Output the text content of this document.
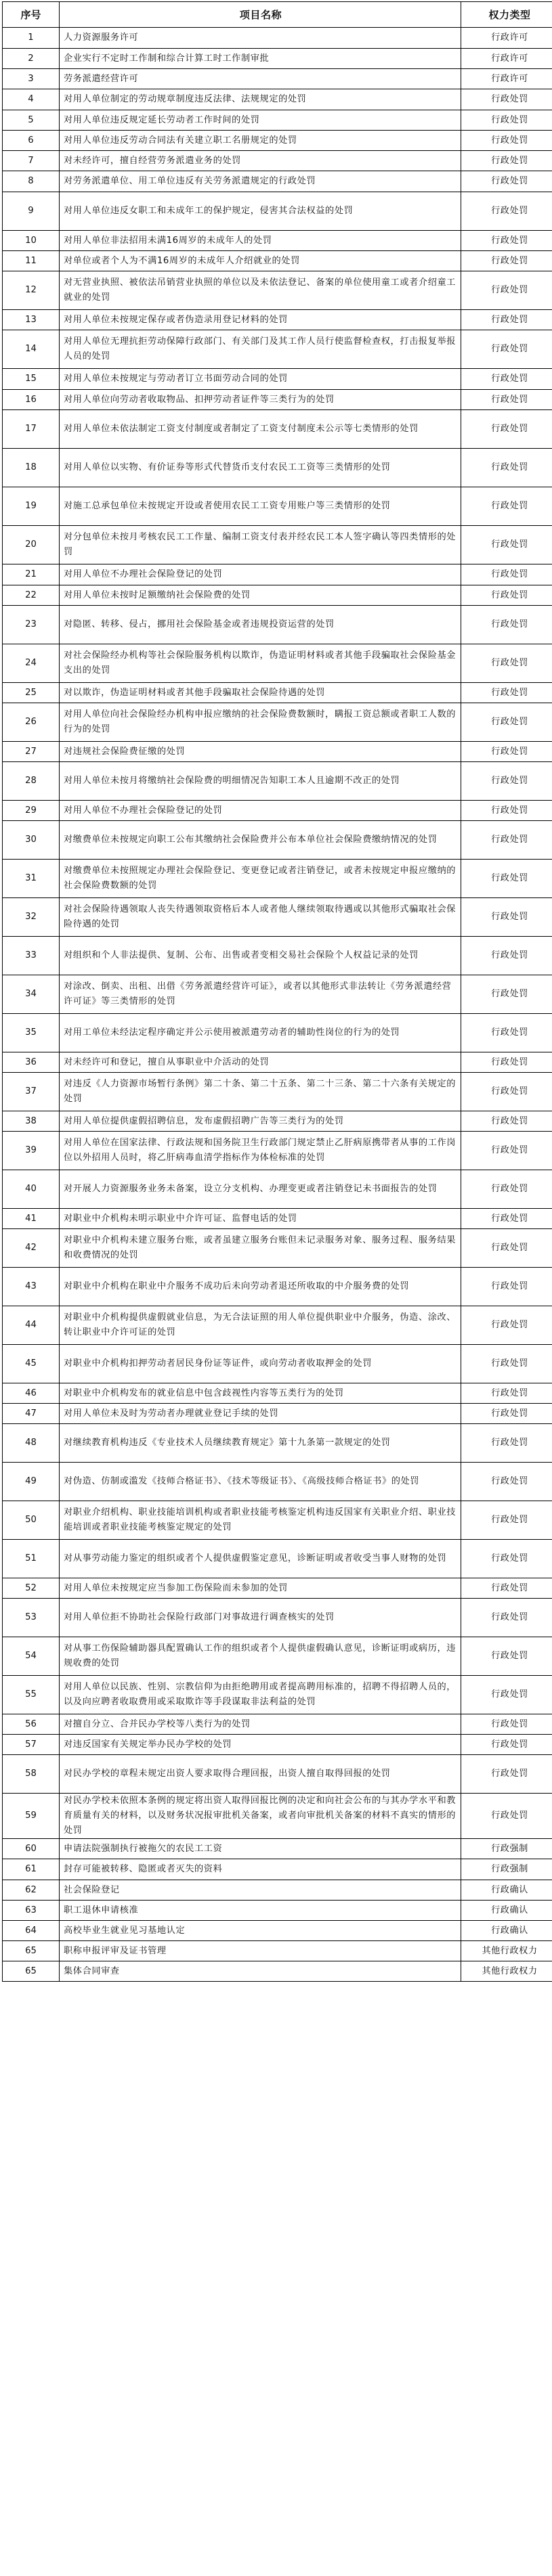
序号	项目名称	权力类型
1	人力资源服务许可	行政许可
2	企业实行不定时工作制和综合计算工时工作制审批	行政许可
3	劳务派遣经营许可	行政许可
4	对用人单位制定的劳动规章制度违反法律、法规规定的处罚	行政处罚
5	对用人单位违反规定延长劳动者工作时间的处罚	行政处罚
6	对用人单位违反劳动合同法有关建立职工名册规定的处罚	行政处罚
7	对未经许可，擅自经营劳务派遣业务的处罚	行政处罚
8	对劳务派遣单位、用工单位违反有关劳务派遣规定的行政处罚	行政处罚
9	对用人单位违反女职工和未成年工的保护规定，侵害其合法权益的处罚	行政处罚
10	对用人单位非法招用未满16周岁的未成年人的处罚	行政处罚
11	对单位或者个人为不满16周岁的未成年人介绍就业的处罚	行政处罚
12	对无营业执照、被依法吊销营业执照的单位以及未依法登记、备案的单位使用童工或者介绍童工就业的处罚	行政处罚
13	对用人单位未按规定保存或者伪造录用登记材料的处罚	行政处罚
14	对用人单位无理抗拒劳动保障行政部门、有关部门及其工作人员行使监督检查权，打击报复举报人员的处罚	行政处罚
15	对用人单位未按规定与劳动者订立书面劳动合同的处罚	行政处罚
16	对用人单位向劳动者收取物品、扣押劳动者证件等三类行为的处罚	行政处罚
17	对用人单位未依法制定工资支付制度或者制定了工资支付制度未公示等七类情形的处罚	行政处罚
18	对用人单位以实物、有价证券等形式代替货币支付农民工工资等三类情形的处罚	行政处罚
19	对施工总承包单位未按规定开设或者使用农民工工资专用账户等三类情形的处罚	行政处罚
20	对分包单位未按月考核农民工工作量、编制工资支付表并经农民工本人签字确认等四类情形的处罚	行政处罚
21	对用人单位不办理社会保险登记的处罚	行政处罚
22	对用人单位未按时足额缴纳社会保险费的处罚	行政处罚
23	对隐匿、转移、侵占，挪用社会保险基金或者违规投资运营的处罚	行政处罚
24	对社会保险经办机构等社会保险服务机构以欺诈，伪造证明材料或者其他手段骗取社会保险基金支出的处罚	行政处罚
25	对以欺诈，伪造证明材料或者其他手段骗取社会保险待遇的处罚	行政处罚
26	对用人单位向社会保险经办机构申报应缴纳的社会保险费数额时，瞒报工资总额或者职工人数的行为的处罚	行政处罚
27	对违规社会保险费征缴的处罚	行政处罚
28	对用人单位未按月将缴纳社会保险费的明细情况告知职工本人且逾期不改正的处罚	行政处罚
29	对用人单位不办理社会保险登记的处罚	行政处罚
30	对缴费单位未按规定向职工公布其缴纳社会保险费并公布本单位社会保险费缴纳情况的处罚	行政处罚
31	对缴费单位未按照规定办理社会保险登记、变更登记或者注销登记，或者未按规定申报应缴纳的社会保险费数额的处罚	行政处罚
32	对社会保险待遇领取人丧失待遇领取资格后本人或者他人继续领取待遇或以其他形式骗取社会保险待遇的处罚	行政处罚
33	对组织和个人非法提供、复制、公布、出售或者变相交易社会保险个人权益记录的处罚	行政处罚
34	对涂改、倒卖、出租、出借《劳务派遣经营许可证》，或者以其他形式非法转让《劳务派遣经营许可证》等三类情形的处罚	行政处罚
35	对用工单位未经法定程序确定并公示使用被派遣劳动者的辅助性岗位的行为的处罚	行政处罚
36	对未经许可和登记，擅自从事职业中介活动的处罚	行政处罚
37	对违反《人力资源市场暂行条例》第二十条、第二十五条、第二十三条、第二十六条有关规定的处罚	行政处罚
38	对用人单位提供虚假招聘信息，发布虚假招聘广告等三类行为的处罚	行政处罚
39	对用人单位在国家法律、行政法规和国务院卫生行政部门规定禁止乙肝病原携带者从事的工作岗位以外招用人员时，将乙肝病毒血清学指标作为体检标准的处罚	行政处罚
40	对开展人力资源服务业务未备案，设立分支机构、办理变更或者注销登记未书面报告的处罚	行政处罚
41	对职业中介机构未明示职业中介许可证、监督电话的处罚	行政处罚
42	对职业中介机构未建立服务台账，或者虽建立服务台账但未记录服务对象、服务过程、服务结果和收费情况的处罚	行政处罚
43	对职业中介机构在职业中介服务不成功后未向劳动者退还所收取的中介服务费的处罚	行政处罚
44	对职业中介机构提供虚假就业信息，为无合法证照的用人单位提供职业中介服务，伪造、涂改、转让职业中介许可证的处罚	行政处罚
45	对职业中介机构扣押劳动者居民身份证等证件，或向劳动者收取押金的处罚	行政处罚
46	对职业中介机构发布的就业信息中包含歧视性内容等五类行为的处罚	行政处罚
47	对用人单位未及时为劳动者办理就业登记手续的处罚	行政处罚
48	对继续教育机构违反《专业技术人员继续教育规定》第十九条第一款规定的处罚	行政处罚
49	对伪造、仿制或滥发《技师合格证书》、《技术等级证书》、《高级技师合格证书》的处罚	行政处罚
50	对职业介绍机构、职业技能培训机构或者职业技能考核鉴定机构违反国家有关职业介绍、职业技能培训或者职业技能考核鉴定规定的处罚	行政处罚
51	对从事劳动能力鉴定的组织或者个人提供虚假鉴定意见，诊断证明或者收受当事人财物的处罚	行政处罚
52	对用人单位未按规定应当参加工伤保险而未参加的处罚	行政处罚
53	对用人单位拒不协助社会保险行政部门对事故进行调查核实的处罚	行政处罚
54	对从事工伤保险辅助器具配置确认工作的组织或者个人提供虚假确认意见，诊断证明或病历，违规收费的处罚	行政处罚
55	对用人单位以民族、性别、宗教信仰为由拒绝聘用或者提高聘用标准的，招聘不得招聘人员的，以及向应聘者收取费用或采取欺诈等手段谋取非法利益的处罚	行政处罚
56	对擅自分立、合并民办学校等八类行为的处罚	行政处罚
57	对违反国家有关规定举办民办学校的处罚	行政处罚
58	对民办学校的章程未规定出资人要求取得合理回报，出资人擅自取得回报的处罚	行政处罚
59	对民办学校未依照本条例的规定将出资人取得回报比例的决定和向社会公布的与其办学水平和教育质量有关的材料，以及财务状况报审批机关备案，或者向审批机关备案的材料不真实的情形的处罚	行政处罚
60	申请法院强制执行被拖欠的农民工工资	行政强制
61	封存可能被转移、隐匿或者灭失的资料	行政强制
62	社会保险登记	行政确认
63	职工退休申请核准	行政确认
64	高校毕业生就业见习基地认定	行政确认
65	职称申报评审及证书管理	其他行政权力
65	集体合同审查	其他行政权力
